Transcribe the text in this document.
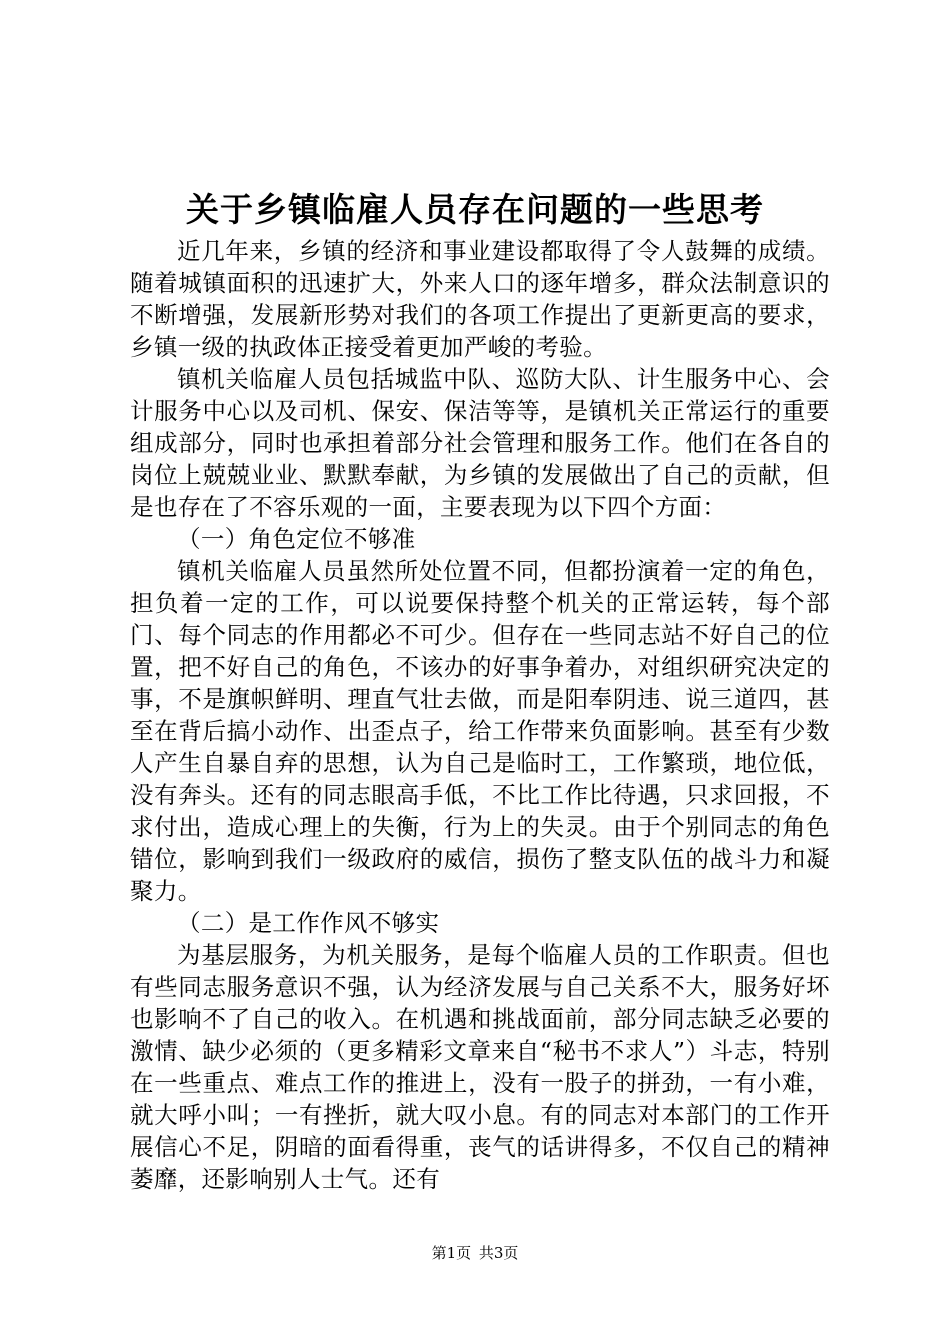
关于乡镇临雇人员存在问题的一些思考

近几年来，乡镇的经济和事业建设都取得了令人鼓舞的成绩。随着城镇面积的迅速扩大，外来人口的逐年增多，群众法制意识的不断增强，发展新形势对我们的各项工作提出了更新更高的要求，乡镇一级的执政体正接受着更加严峻的考验。

镇机关临雇人员包括城监中队、巡防大队、计生服务中心、会计服务中心以及司机、保安、保洁等等，是镇机关正常运行的重要组成部分，同时也承担着部分社会管理和服务工作。他们在各自的岗位上兢兢业业、默默奉献，为乡镇的发展做出了自己的贡献，但是也存在了不容乐观的一面，主要表现为以下四个方面：

（一）角色定位不够准

镇机关临雇人员虽然所处位置不同，但都扮演着一定的角色，担负着一定的工作，可以说要保持整个机关的正常运转，每个部门、每个同志的作用都必不可少。但存在一些同志站不好自己的位置，把不好自己的角色，不该办的好事争着办，对组织研究决定的事，不是旗帜鲜明、理直气壮去做，而是阳奉阴违、说三道四，甚至在背后搞小动作、出歪点子，给工作带来负面影响。甚至有少数人产生自暴自弃的思想，认为自己是临时工，工作繁琐，地位低，没有奔头。还有的同志眼高手低，不比工作比待遇，只求回报，不求付出，造成心理上的失衡，行为上的失灵。由于个别同志的角色错位，影响到我们一级政府的威信，损伤了整支队伍的战斗力和凝聚力。

（二）是工作作风不够实

为基层服务，为机关服务，是每个临雇人员的工作职责。但也有些同志服务意识不强，认为经济发展与自己关系不大，服务好坏也影响不了自己的收入。在机遇和挑战面前，部分同志缺乏必要的激情、缺少必须的（更多精彩文章来自“秘书不求人”）斗志，特别在一些重点、难点工作的推进上，没有一股子的拼劲，一有小难，就大呼小叫；一有挫折，就大叹小息。有的同志对本部门的工作开展信心不足，阴暗的面看得重，丧气的话讲得多，不仅自己的精神萎靡，还影响别人士气。还有

第1页 共3页
